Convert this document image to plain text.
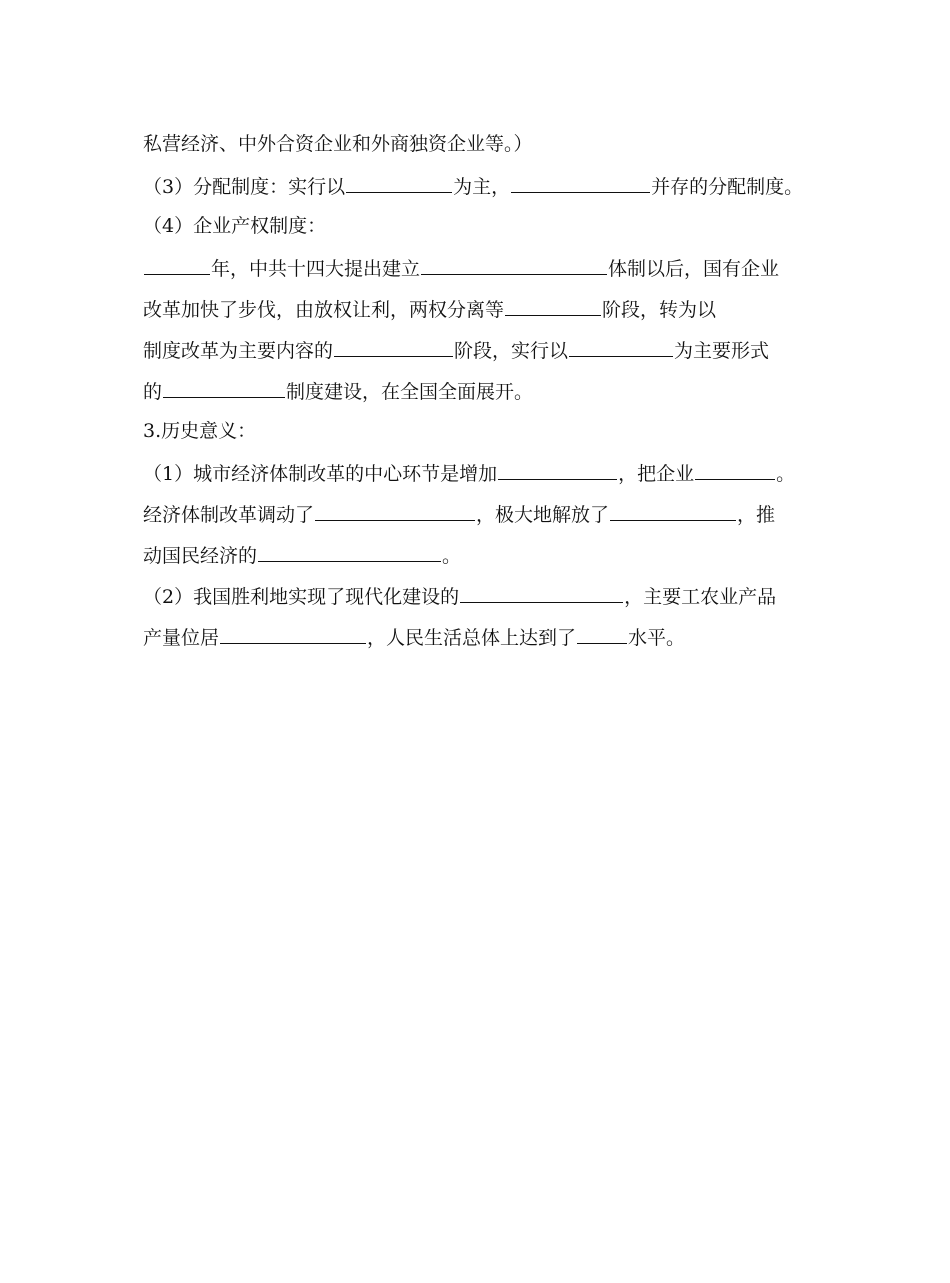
私营经济、中外合资企业和外商独资企业等。）
（3）分配制度：实行以	为主，	并存的分配制度。
（4）企业产权制度：
年，中共十四大提出建立	体制以后，国有企业
改革加快了步伐，由放权让利，两权分离等	阶段，转为以
制度改革为主要内容的	阶段，实行以	为主要形式
的	制度建设，在全国全面展开。
3.历史意义：
（1）城市经济体制改革的中心环节是增加	，把企业	。
经济体制改革调动了	，极大地解放了	，推
动国民经济的	。
（2）我国胜利地实现了现代化建设的	，主要工农业产品
产量位居	，人民生活总体上达到了	水平。
